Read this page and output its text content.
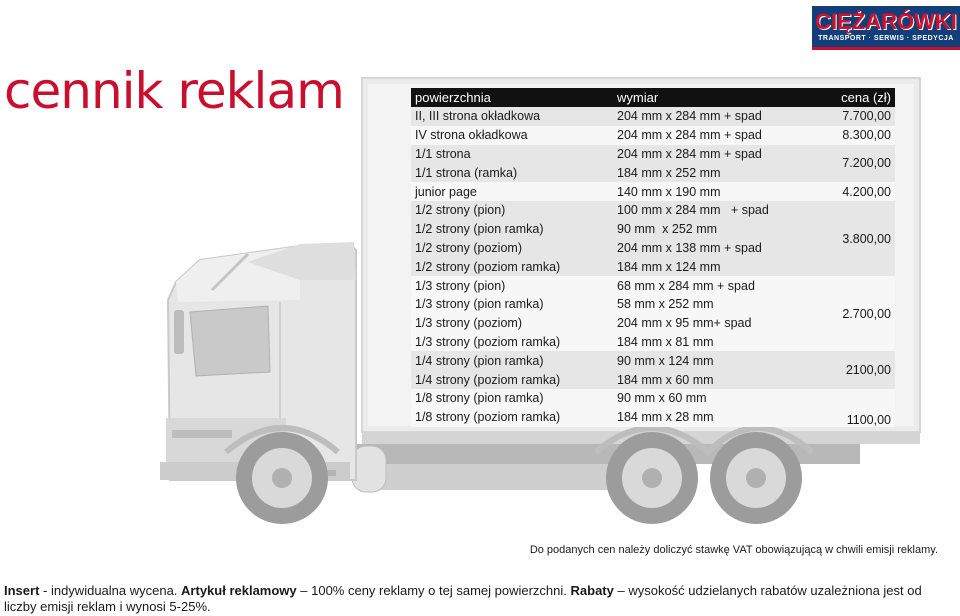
CIĘŻARÓWKI
TRANSPORT · SERWIS · SPEDYCJA
cennik reklam	powierzchnia	wymiar	cena (zł)
II, III strona okładkowa	204 mm x 284 mm + spad	7.700,00
IV strona okładkowa	204 mm x 284 mm + spad	8.300,00
1/1 strona	204 mm x 284 mm + spad	7.200,00
1/1 strona (ramka)	184 mm x 252 mm	
junior page	140 mm x 190 mm	4.200,00
1/2 strony (pion)	100 mm x 284 mm   + spad	3.800,00
1/2 strony (pion ramka)	90 mm  x 252 mm	
1/2 strony (poziom)	204 mm x 138 mm + spad	
1/2 strony (poziom ramka)	184 mm x 124 mm	
1/3 strony (pion)	68 mm x 284 mm + spad	2.700,00
1/3 strony (pion ramka)	58 mm x 252 mm	
1/3 strony (poziom)	204 mm x 95 mm+ spad	
1/3 strony (poziom ramka)	184 mm x 81 mm	
1/4 strony (pion ramka)	90 mm x 124 mm	2100,00
1/4 strony (poziom ramka)	184 mm x 60 mm	
1/8 strony (pion ramka)	90 mm x 60 mm	1100,00
1/8 strony (poziom ramka)	184 mm x 28 mm	
Do podanych cen należy doliczyć stawkę VAT obowiązującą w chwili emisji reklamy.
Insert - indywidualna wycena. Artykuł reklamowy – 100% ceny reklamy o tej samej powierzchni. Rabaty – wysokość udzielanych rabatów uzależniona jest od liczby emisji reklam i wynosi 5-25%.
